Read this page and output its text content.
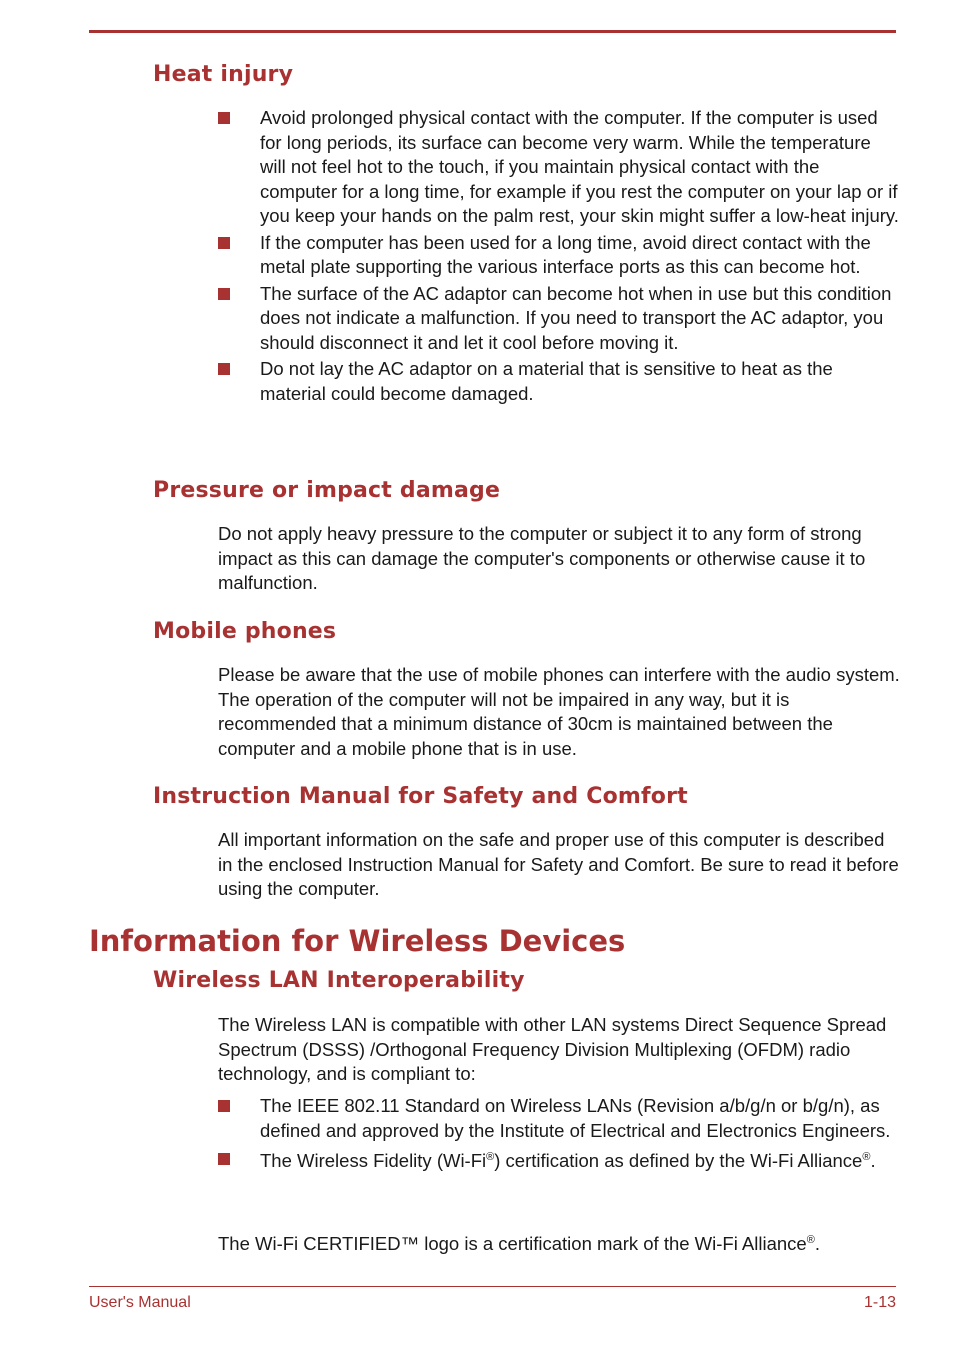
Heat injury
Avoid prolonged physical contact with the computer. If the computer is used for long periods, its surface can become very warm. While the temperature will not feel hot to the touch, if you maintain physical contact with the computer for a long time, for example if you rest the computer on your lap or if you keep your hands on the palm rest, your skin might suffer a low-heat injury.
If the computer has been used for a long time, avoid direct contact with the metal plate supporting the various interface ports as this can become hot.
The surface of the AC adaptor can become hot when in use but this condition does not indicate a malfunction. If you need to transport the AC adaptor, you should disconnect it and let it cool before moving it.
Do not lay the AC adaptor on a material that is sensitive to heat as the material could become damaged.
Pressure or impact damage

Do not apply heavy pressure to the computer or subject it to any form of strong impact as this can damage the computer's components or otherwise cause it to malfunction.

Mobile phones

Please be aware that the use of mobile phones can interfere with the audio system. The operation of the computer will not be impaired in any way, but it is recommended that a minimum distance of 30cm is maintained between the computer and a mobile phone that is in use.

Instruction Manual for Safety and Comfort

All important information on the safe and proper use of this computer is described in the enclosed Instruction Manual for Safety and Comfort. Be sure to read it before using the computer.

Information for Wireless Devices
Wireless LAN Interoperability

The Wireless LAN is compatible with other LAN systems Direct Sequence Spread Spectrum (DSSS) /Orthogonal Frequency Division Multiplexing (OFDM) radio technology, and is compliant to:

The IEEE 802.11 Standard on Wireless LANs (Revision a/b/g/n or b/g/n), as defined and approved by the Institute of Electrical and Electronics Engineers.
The Wireless Fidelity (Wi-Fi®) certification as defined by the Wi-Fi Alliance®.

The Wi-Fi CERTIFIED™ logo is a certification mark of the Wi-Fi Alliance®.

User's Manual	1-13
